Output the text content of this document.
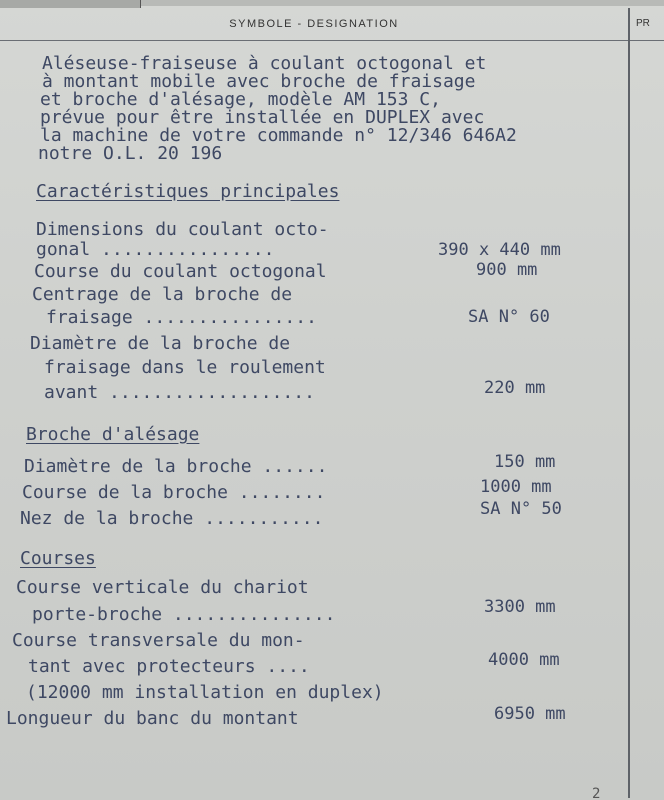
SYMBOLE - DESIGNATION	PR
Aléseuse-fraiseuse à coulant octogonal et
à montant mobile avec broche de fraisage
et broche d'alésage, modèle AM 153 C,
prévue pour être installée en DUPLEX avec
la machine de votre commande n° 12/346 646A2
notre O.L. 20 196
Caractéristiques principales
Dimensions du coulant octo-
gonal ................	390 x 440 mm
Course du coulant octogonal	900 mm
Centrage de la broche de
fraisage ................	SA N° 60
Diamètre de la broche de
fraisage dans le roulement
avant ...................	220 mm
Broche d'alésage
Diamètre de la broche ......	150 mm
Course de la broche ........	1000 mm
Nez de la broche ...........	SA N° 50
Courses
Course verticale du chariot
porte-broche ...............	3300 mm
Course transversale du mon-
tant avec protecteurs ....	4000 mm
(12000 mm installation en duplex)
Longueur du banc du montant	6950 mm
2
